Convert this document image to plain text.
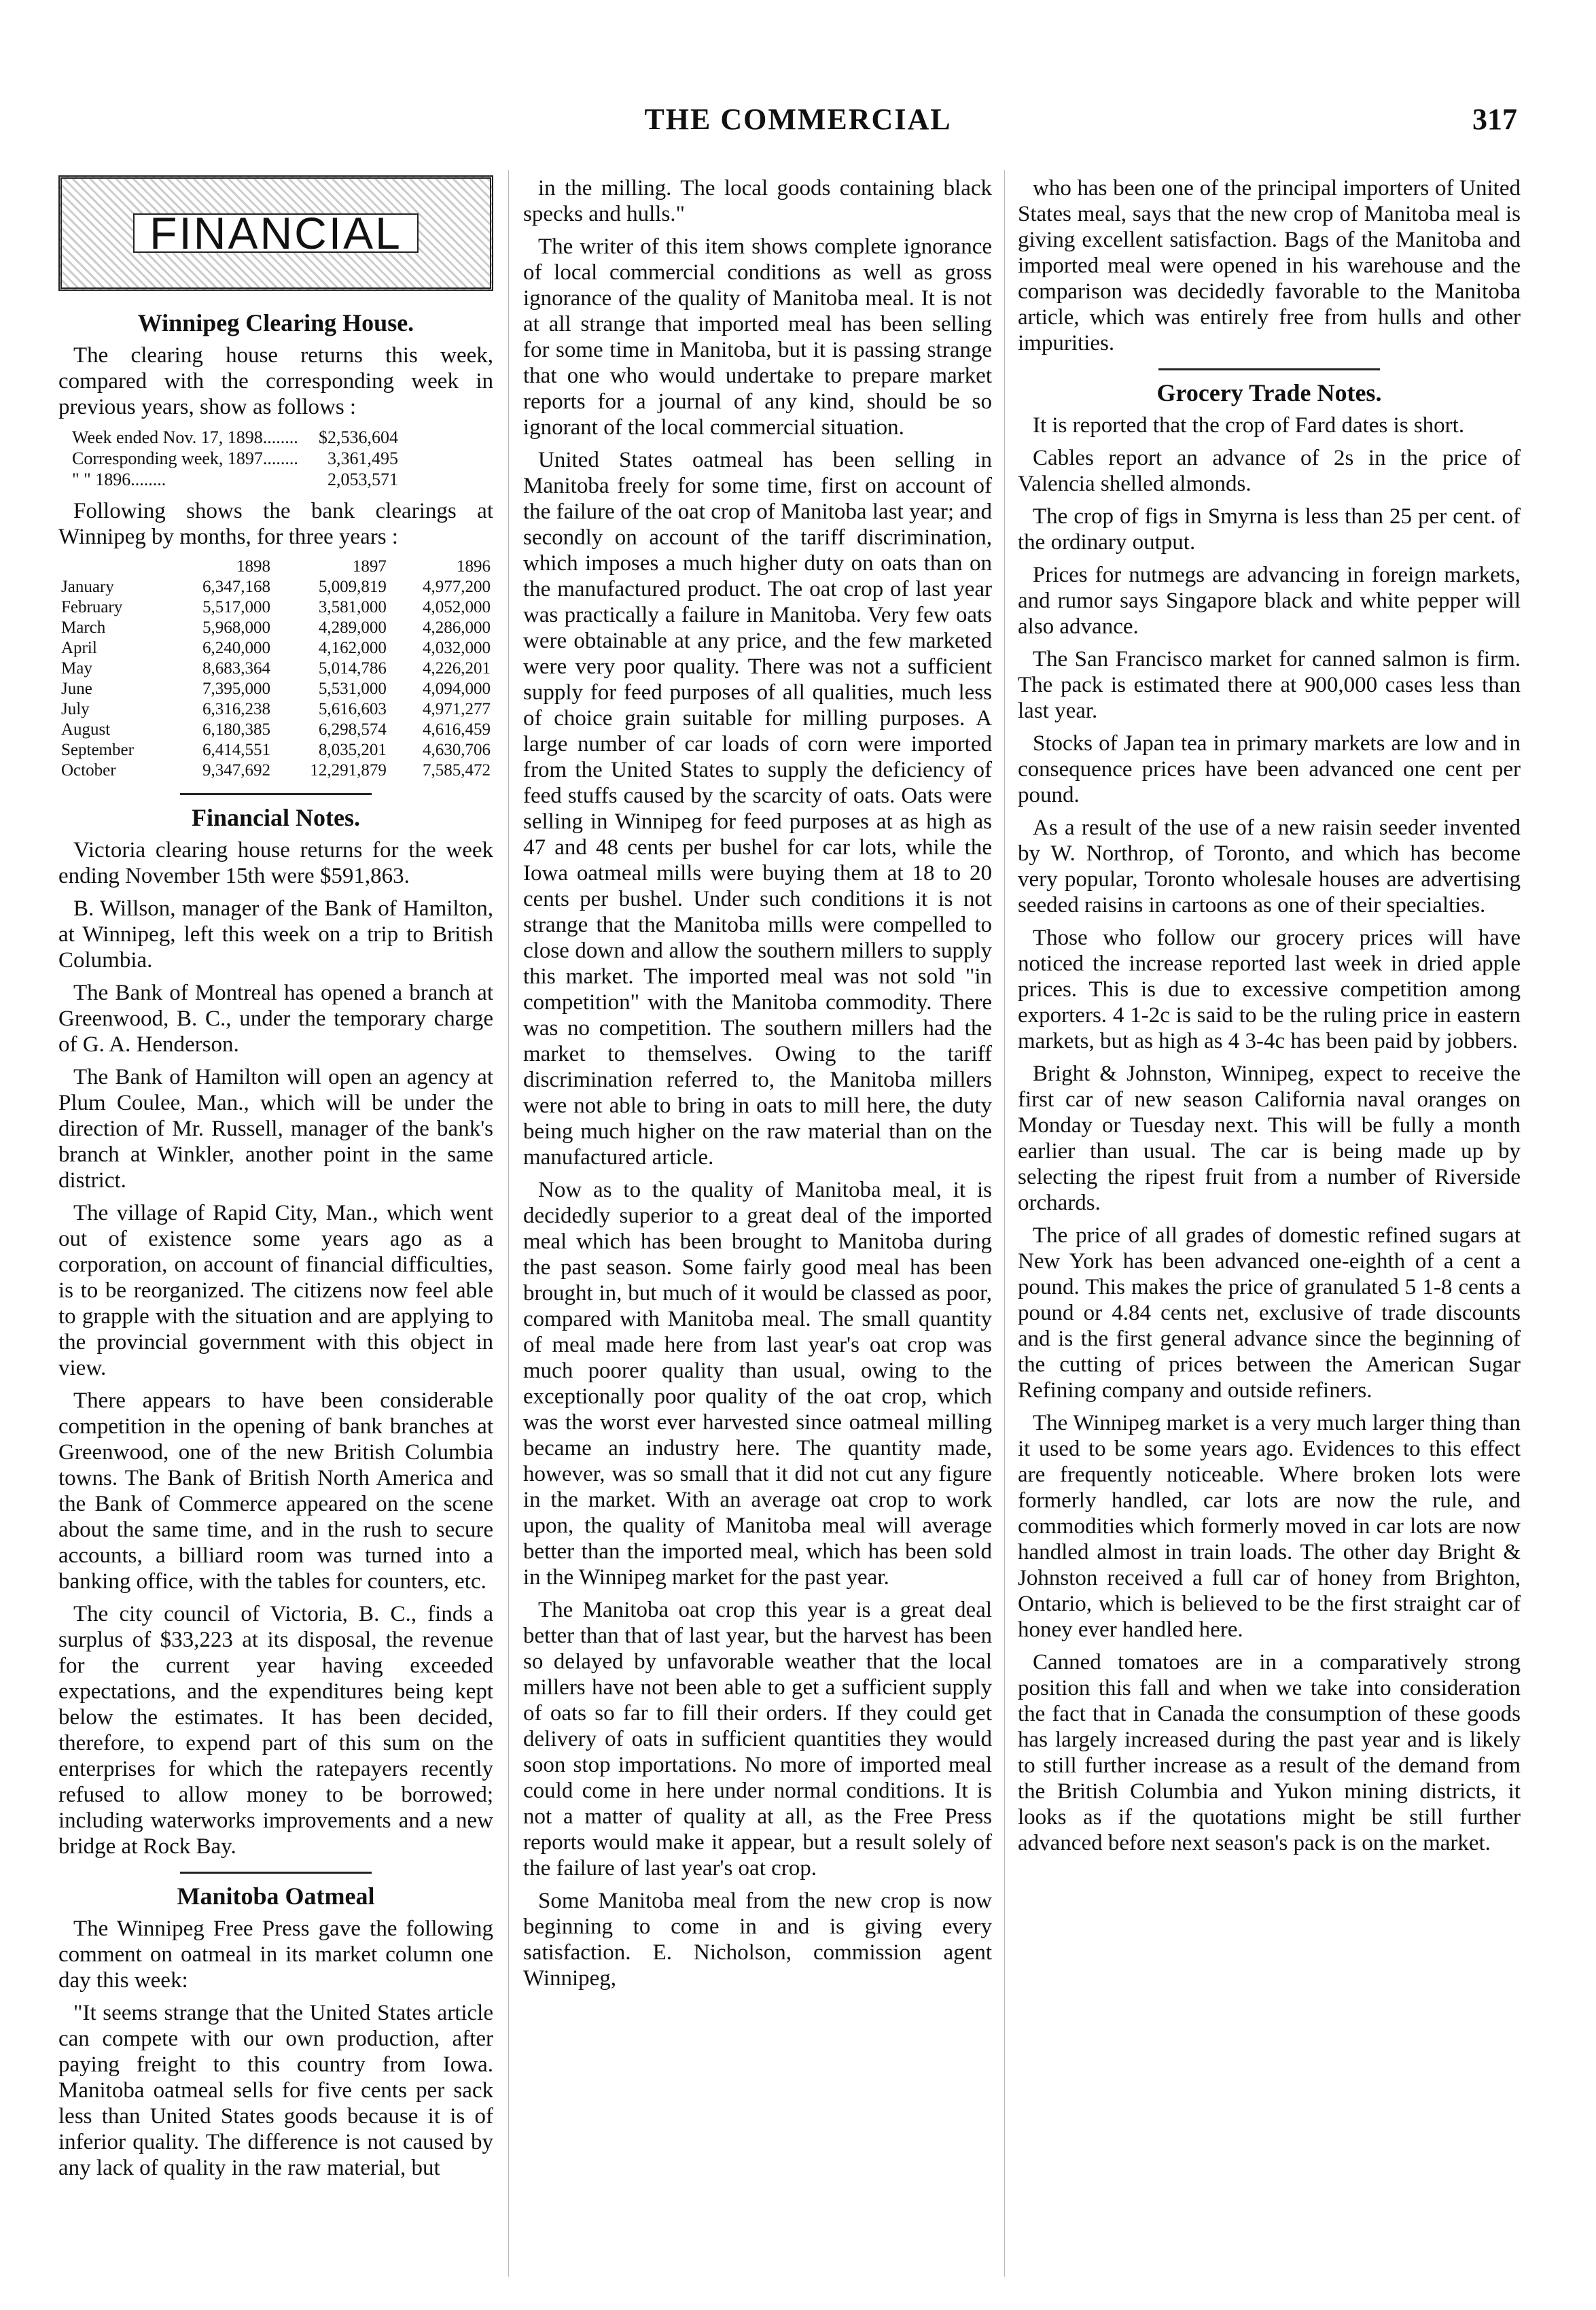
THE COMMERCIAL	317
FINANCIAL
Winnipeg Clearing House.

The clearing house returns this week, compared with the corresponding week in previous years, show as follows :

Week ended Nov. 17, 1898........ $2,536,604
Corresponding week, 1897........ 3,361,495
" " 1896........	2,053,571

Following shows the bank clearings at Winnipeg by months, for three years :

	1898	1897	1896
January	6,347,168	5,009,819	4,977,200
February	5,517,000	3,581,000	4,052,000
March	5,968,000	4,289,000	4,286,000
April	6,240,000	4,162,000	4,032,000
May	8,683,364	5,014,786	4,226,201
June	7,395,000	5,531,000	4,094,000
July	6,316,238	5,616,603	4,971,277
August	6,180,385	6,298,574	4,616,459
September	6,414,551	8,035,201	4,630,706
October	9,347,692	12,291,879	7,585,472
Financial Notes.

Victoria clearing house returns for the week ending November 15th were $591,863.

B. Willson, manager of the Bank of Hamilton, at Winnipeg, left this week on a trip to British Columbia.

The Bank of Montreal has opened a branch at Greenwood, B. C., under the temporary charge of G. A. Henderson.

The Bank of Hamilton will open an agency at Plum Coulee, Man., which will be under the direction of Mr. Russell, manager of the bank's branch at Winkler, another point in the same district.

The village of Rapid City, Man., which went out of existence some years ago as a corporation, on account of financial difficulties, is to be reorganized. The citizens now feel able to grapple with the situation and are applying to the provincial government with this object in view.

There appears to have been considerable competition in the opening of bank branches at Greenwood, one of the new British Columbia towns. The Bank of British North America and the Bank of Commerce appeared on the scene about the same time, and in the rush to secure accounts, a billiard room was turned into a banking office, with the tables for counters, etc.

The city council of Victoria, B. C., finds a surplus of $33,223 at its disposal, the revenue for the current year having exceeded expectations, and the expenditures being kept below the estimates. It has been decided, therefore, to expend part of this sum on the enterprises for which the ratepayers recently refused to allow money to be borrowed; including waterworks improvements and a new bridge at Rock Bay.

Manitoba Oatmeal

The Winnipeg Free Press gave the following comment on oatmeal in its market column one day this week:

"It seems strange that the United States article can compete with our own production, after paying freight to this country from Iowa. Manitoba oatmeal sells for five cents per sack less than United States goods because it is of inferior quality. The difference is not caused by any lack of quality in the raw material, but

in the milling. The local goods containing black specks and hulls."

The writer of this item shows complete ignorance of local commercial conditions as well as gross ignorance of the quality of Manitoba meal. It is not at all strange that imported meal has been selling for some time in Manitoba, but it is passing strange that one who would undertake to prepare market reports for a journal of any kind, should be so ignorant of the local commercial situation.

United States oatmeal has been selling in Manitoba freely for some time, first on account of the failure of the oat crop of Manitoba last year; and secondly on account of the tariff discrimination, which imposes a much higher duty on oats than on the manufactured product. The oat crop of last year was practically a failure in Manitoba. Very few oats were obtainable at any price, and the few marketed were very poor quality. There was not a sufficient supply for feed purposes of all qualities, much less of choice grain suitable for milling purposes. A large number of car loads of corn were imported from the United States to supply the deficiency of feed stuffs caused by the scarcity of oats. Oats were selling in Winnipeg for feed purposes at as high as 47 and 48 cents per bushel for car lots, while the Iowa oatmeal mills were buying them at 18 to 20 cents per bushel. Under such conditions it is not strange that the Manitoba mills were compelled to close down and allow the southern millers to supply this market. The imported meal was not sold "in competition" with the Manitoba commodity. There was no competition. The southern millers had the market to themselves. Owing to the tariff discrimination referred to, the Manitoba millers were not able to bring in oats to mill here, the duty being much higher on the raw material than on the manufactured article.

Now as to the quality of Manitoba meal, it is decidedly superior to a great deal of the imported meal which has been brought to Manitoba during the past season. Some fairly good meal has been brought in, but much of it would be classed as poor, compared with Manitoba meal. The small quantity of meal made here from last year's oat crop was much poorer quality than usual, owing to the exceptionally poor quality of the oat crop, which was the worst ever harvested since oatmeal milling became an industry here. The quantity made, however, was so small that it did not cut any figure in the market. With an average oat crop to work upon, the quality of Manitoba meal will average better than the imported meal, which has been sold in the Winnipeg market for the past year.

The Manitoba oat crop this year is a great deal better than that of last year, but the harvest has been so delayed by unfavorable weather that the local millers have not been able to get a sufficient supply of oats so far to fill their orders. If they could get delivery of oats in sufficient quantities they would soon stop importations. No more of imported meal could come in here under normal conditions. It is not a matter of quality at all, as the Free Press reports would make it appear, but a result solely of the failure of last year's oat crop.

Some Manitoba meal from the new crop is now beginning to come in and is giving every satisfaction. E. Nicholson, commission agent Winnipeg,

who has been one of the principal importers of United States meal, says that the new crop of Manitoba meal is giving excellent satisfaction. Bags of the Manitoba and imported meal were opened in his warehouse and the comparison was decidedly favorable to the Manitoba article, which was entirely free from hulls and other impurities.

Grocery Trade Notes.

It is reported that the crop of Fard dates is short.

Cables report an advance of 2s in the price of Valencia shelled almonds.

The crop of figs in Smyrna is less than 25 per cent. of the ordinary output.

Prices for nutmegs are advancing in foreign markets, and rumor says Singapore black and white pepper will also advance.

The San Francisco market for canned salmon is firm. The pack is estimated there at 900,000 cases less than last year.

Stocks of Japan tea in primary markets are low and in consequence prices have been advanced one cent per pound.

As a result of the use of a new raisin seeder invented by W. Northrop, of Toronto, and which has become very popular, Toronto wholesale houses are advertising seeded raisins in cartoons as one of their specialties.

Those who follow our grocery prices will have noticed the increase reported last week in dried apple prices. This is due to excessive competition among exporters. 4 1-2c is said to be the ruling price in eastern markets, but as high as 4 3-4c has been paid by jobbers.

Bright & Johnston, Winnipeg, expect to receive the first car of new season California naval oranges on Monday or Tuesday next. This will be fully a month earlier than usual. The car is being made up by selecting the ripest fruit from a number of Riverside orchards.

The price of all grades of domestic refined sugars at New York has been advanced one-eighth of a cent a pound. This makes the price of granulated 5 1-8 cents a pound or 4.84 cents net, exclusive of trade discounts and is the first general advance since the beginning of the cutting of prices between the American Sugar Refining company and outside refiners.

The Winnipeg market is a very much larger thing than it used to be some years ago. Evidences to this effect are frequently noticeable. Where broken lots were formerly handled, car lots are now the rule, and commodities which formerly moved in car lots are now handled almost in train loads. The other day Bright & Johnston received a full car of honey from Brighton, Ontario, which is believed to be the first straight car of honey ever handled here.

Canned tomatoes are in a comparatively strong position this fall and when we take into consideration the fact that in Canada the consumption of these goods has largely increased during the past year and is likely to still further increase as a result of the demand from the British Columbia and Yukon mining districts, it looks as if the quotations might be still further advanced before next season's pack is on the market.
